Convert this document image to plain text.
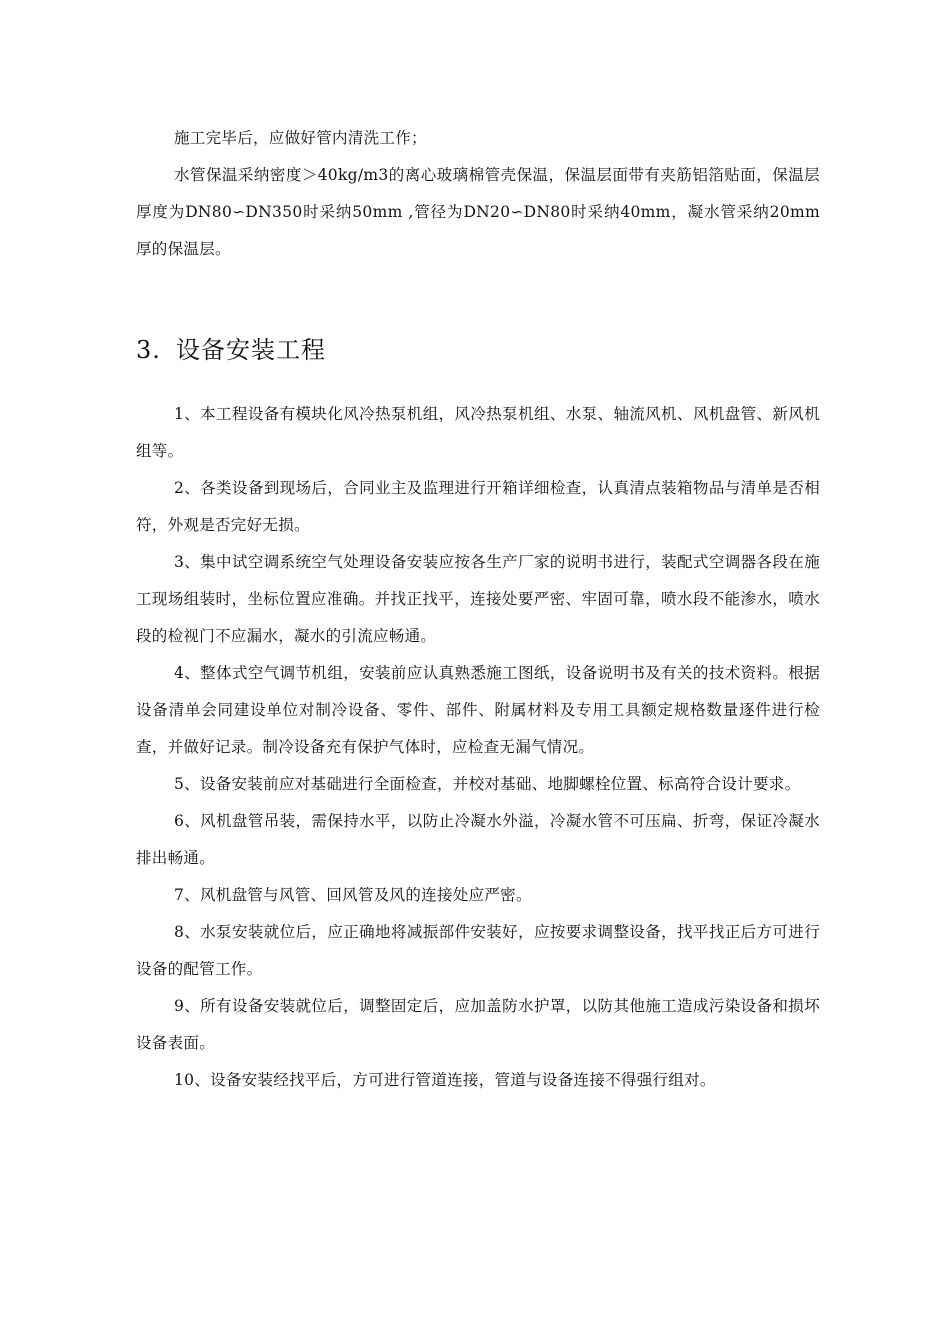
施工完毕后，应做好管内清洗工作；

水管保温采纳密度＞40kg/m3的离心玻璃棉管壳保温，保温层面带有夹筋铝箔贴面，保温层厚度为DN80∽DN350时采纳50mm ,管径为DN20∽DN80时采纳40mm，凝水管采纳20mm厚的保温层。

3. 设备安装工程

1、本工程设备有模块化风冷热泵机组，风冷热泵机组、水泵、轴流风机、风机盘管、新风机组等。

2、各类设备到现场后，合同业主及监理进行开箱详细检查，认真清点装箱物品与清单是否相符，外观是否完好无损。

3、集中试空调系统空气处理设备安装应按各生产厂家的说明书进行，装配式空调器各段在施工现场组装时，坐标位置应准确。并找正找平，连接处要严密、牢固可靠，喷水段不能渗水，喷水段的检视门不应漏水，凝水的引流应畅通。

4、整体式空气调节机组，安装前应认真熟悉施工图纸，设备说明书及有关的技术资料。根据设备清单会同建设单位对制冷设备、零件、部件、附属材料及专用工具额定规格数量逐件进行检查，并做好记录。制冷设备充有保护气体时，应检查无漏气情况。

5、设备安装前应对基础进行全面检查，并校对基础、地脚螺栓位置、标高符合设计要求。

6、风机盘管吊装，需保持水平，以防止冷凝水外溢，冷凝水管不可压扁、折弯，保证冷凝水排出畅通。

7、风机盘管与风管、回风管及风的连接处应严密。

8、水泵安装就位后，应正确地将减振部件安装好，应按要求调整设备，找平找正后方可进行设备的配管工作。

9、所有设备安装就位后，调整固定后，应加盖防水护罩，以防其他施工造成污染设备和损坏设备表面。

10、设备安装经找平后，方可进行管道连接，管道与设备连接不得强行组对。
